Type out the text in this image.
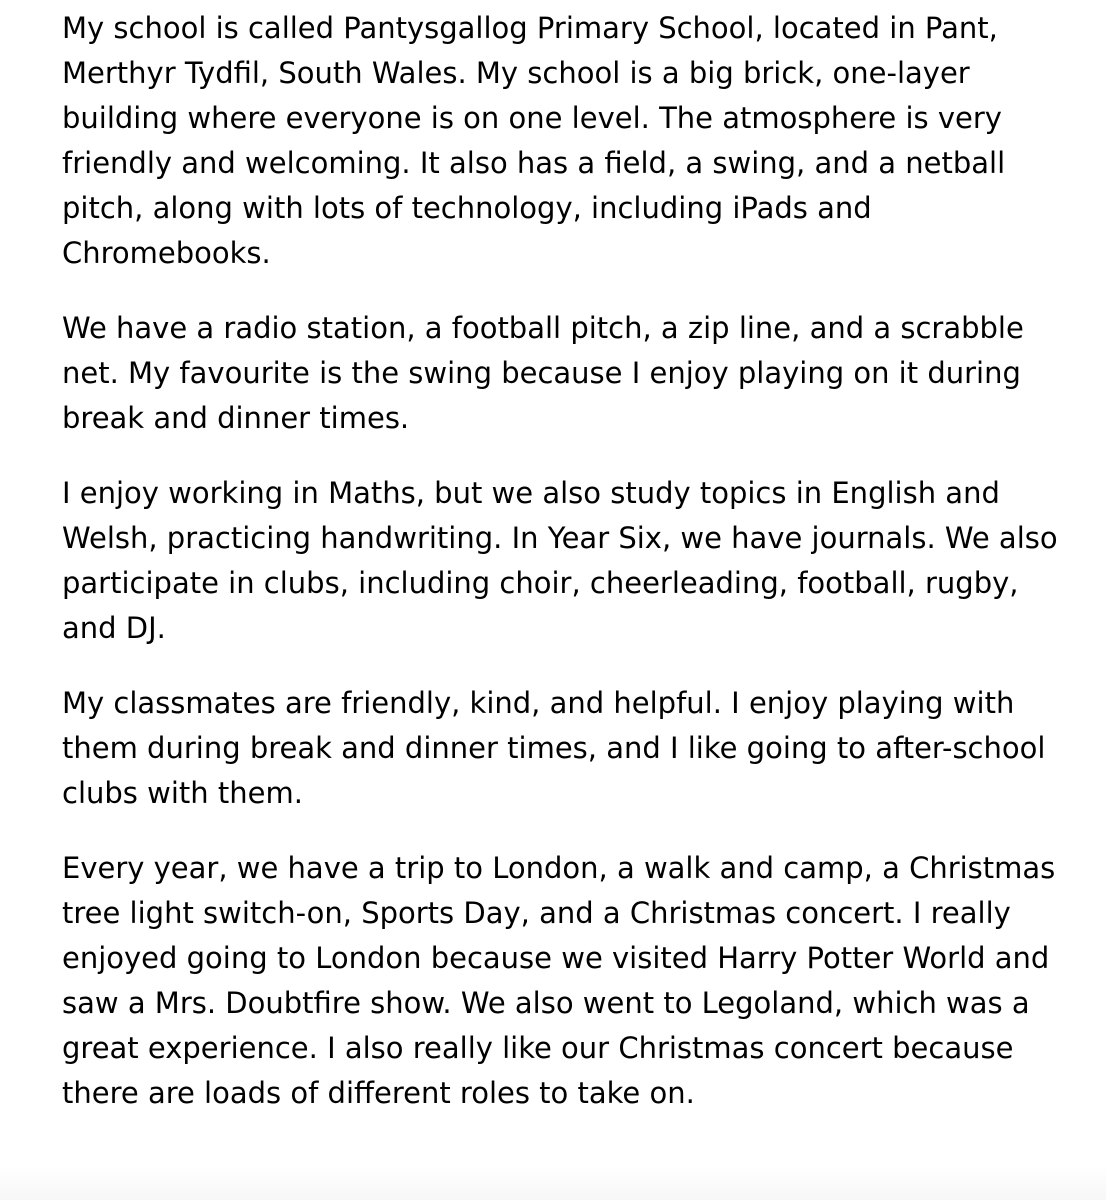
My school is called Pantysgallog Primary School, located in Pant, Merthyr Tydfil, South Wales. My school is a big brick, one-layer building where everyone is on one level. The atmosphere is very friendly and welcoming. It also has a field, a swing, and a netball pitch, along with lots of technology, including iPads and Chromebooks.

We have a radio station, a football pitch, a zip line, and a scrabble net. My favourite is the swing because I enjoy playing on it during break and dinner times.

I enjoy working in Maths, but we also study topics in English and Welsh, practicing handwriting. In Year Six, we have journals. We also participate in clubs, including choir, cheerleading, football, rugby, and DJ.

My classmates are friendly, kind, and helpful. I enjoy playing with them during break and dinner times, and I like going to after-school clubs with them.

Every year, we have a trip to London, a walk and camp, a Christmas tree light switch-on, Sports Day, and a Christmas concert. I really enjoyed going to London because we visited Harry Potter World and saw a Mrs. Doubtfire show. We also went to Legoland, which was a great experience. I also really like our Christmas concert because there are loads of different roles to take on.
